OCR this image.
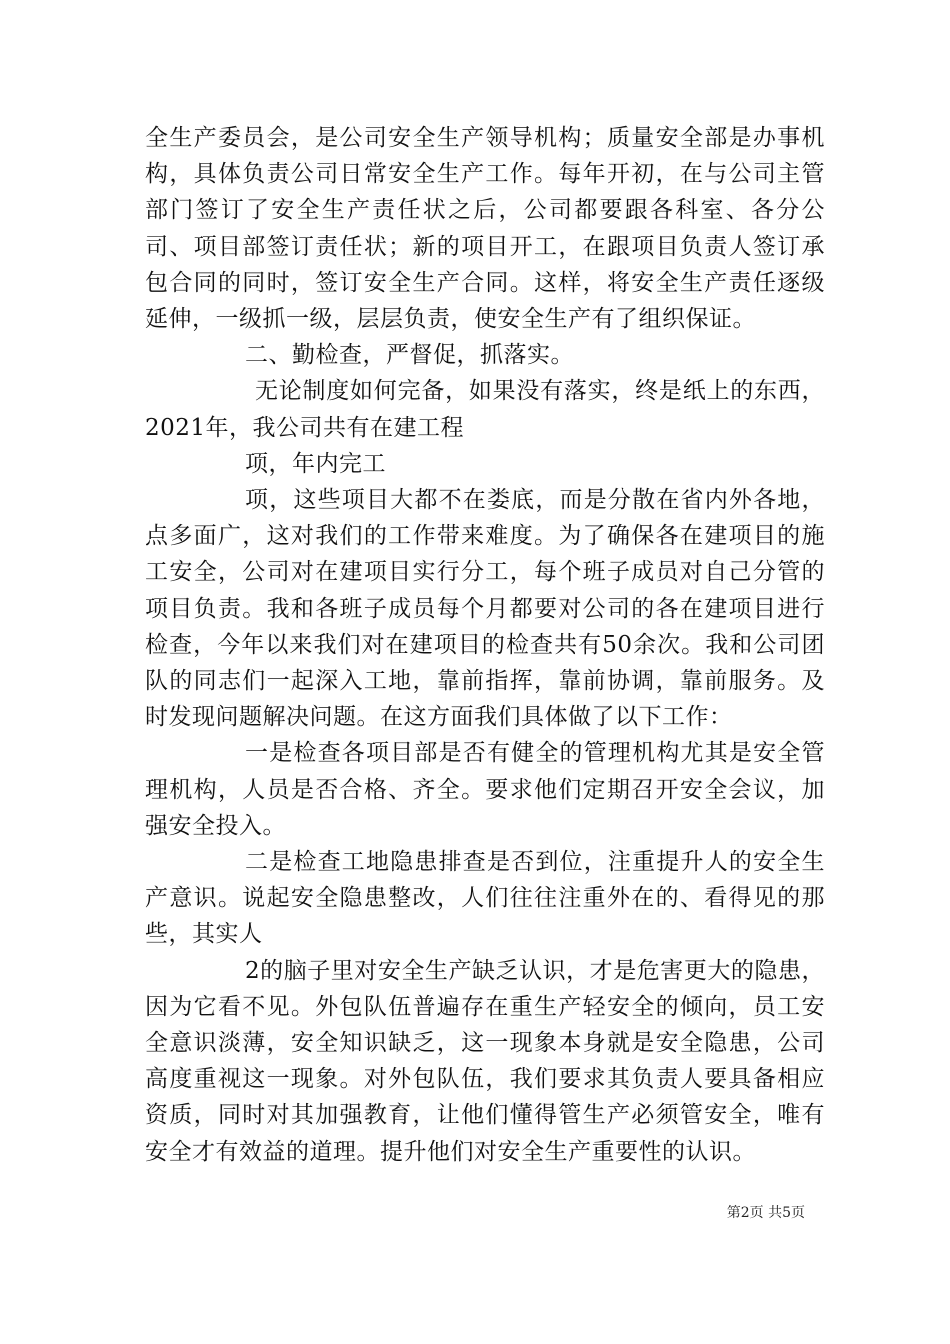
全生产委员会，是公司安全生产领导机构；质量安全部是办事机构，具体负责公司日常安全生产工作。每年开初，在与公司主管部门签订了安全生产责任状之后，公司都要跟各科室、各分公司、项目部签订责任状；新的项目开工，在跟项目负责人签订承包合同的同时，签订安全生产合同。这样，将安全生产责任逐级延伸，一级抓一级，层层负责，使安全生产有了组织保证。

二、勤检查，严督促，抓落实。

无论制度如何完备，如果没有落实，终是纸上的东西，2021年，我公司共有在建工程

项，年内完工

项，这些项目大都不在娄底，而是分散在省内外各地，点多面广，这对我们的工作带来难度。为了确保各在建项目的施工安全，公司对在建项目实行分工，每个班子成员对自己分管的项目负责。我和各班子成员每个月都要对公司的各在建项目进行检查，今年以来我们对在建项目的检查共有50余次。我和公司团队的同志们一起深入工地，靠前指挥，靠前协调，靠前服务。及时发现问题解决问题。在这方面我们具体做了以下工作：

一是检查各项目部是否有健全的管理机构尤其是安全管理机构，人员是否合格、齐全。要求他们定期召开安全会议，加强安全投入。

二是检查工地隐患排查是否到位，注重提升人的安全生产意识。说起安全隐患整改，人们往往注重外在的、看得见的那些，其实人

2的脑子里对安全生产缺乏认识，才是危害更大的隐患，因为它看不见。外包队伍普遍存在重生产轻安全的倾向，员工安全意识淡薄，安全知识缺乏，这一现象本身就是安全隐患，公司高度重视这一现象。对外包队伍，我们要求其负责人要具备相应资质，同时对其加强教育，让他们懂得管生产必须管安全，唯有安全才有效益的道理。提升他们对安全生产重要性的认识。

第2页 共5页
